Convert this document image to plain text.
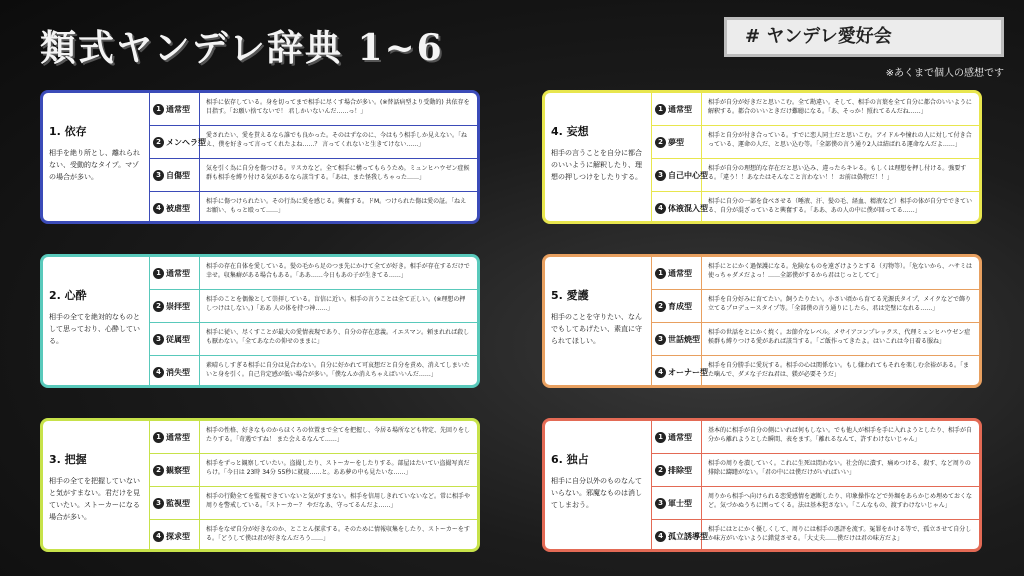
類式ヤンデレ辞典 1~6	# ヤンデレ愛好会
※あくまで個人の感想です
1. 依存
相手を絶り所とし、離れられない、受動的なタイプ。マゾの場合が多い。
1 通常型
相手に依存している。身を切ってまで相手に尽くす場合が多い。(※替話病型より受動的) 共依存を目指す。「お願い捨てないで！ 君しかいないんだ……っ！」
2 メンヘラ型
愛されたい、愛を貰えるなら誰でも良かった。そのはずなのに、今はもう相手しか見えない。「ねえ、僕を好きって言ってくれたよね……？ 言ってくれないと生きてけない……」
3 自傷型
気を引く為に自分を傷つける。リスカなど。全て相手に構ってもらうため。ミュンヒハウゼン症候群も相手を縛り付ける気があるなら該当する。「あは、また怪我しちゃった……」
4 被虐型
相手に傷つけられたい。その行為に愛を感じる。興奮する。ドM。つけられた傷は愛の証。「ねえお願い、もっと殴って……」
2. 心酔
相手の全てを絶対的なものとして思っており、心酔している。
1 通常型
相手の存在自体を愛している。髪の毛から足のつま先にかけて全てが好き。相手が存在するだけで幸せ。収集癖がある場合もある。「ああ……今日もあの子が生きてる……」
2 崇拝型
相手のことを偶像として崇拝している。盲信に近い。相手の言うことは全て正しい。(※理想の押しつけはしない。)「ああ 人の体を持つ神……」
3 従属型
相手に従い、尽くすことが最大の愛情表現であり、自分の存在意義。イエスマン。頼まれれば殺しも厭わない。「全てあなたの仰せのままに」
4 消失型
素晴らしすぎる相手に自分は見合わない。自分に好かれて可哀想だと自分を責め、消えてしまいたいと身を引く。自己肯定感が低い場合が多い。「僕なんか消えちゃえばいいんだ……」
3. 把握
相手の全てを把握していないと気がすまない。君だけを見ていたい。ストーカーになる場合が多い。
1 通常型
相手の性格、好きなものからほくろの位置まで全てを把握し、今居る場所なども特定、先回りをしたりする。「奇遇ですね！ また会えるなんて……」
2 観察型
相手をずっと観察していたい。盗撮したり、ストーカーをしたりする。部屋はたいてい盗撮写真だらけ。「今日は 23時 34分 55秒に就寝……と。ああ夢の中も見たいな……」
3 監視型
相手の行動全てを監視できていないと気がすまない。相手を信用しきれていないなど。常に相手や周りを警戒している。「ストーカー？ やだなあ、守ってるんだよ……」
4 探求型
相手をなぜ自分が好きなのか、とことん探求する。そのために情報収集をしたり、ストーカーをする。「どうして僕は君が好きなんだろう……」
4. 妄想
相手の言うことを自分に都合のいいように解釈したり、理想の押しつけをしたりする。
1 通常型
相手が自分が好きだと思いこむ。全て勘違い。そして、相手の言葉を全て自分に都合のいいように解釈する。都合のいいときだけ難聴になる。「あ、そっか！照れてるんだね……」
2 夢型
相手と自分が付き合っている。すでに恋人同士だと思いこむ。アイドルや憧れの人に対して付き合っている、運命の人だ、と思い込む等。「全部僕の言う通り2人は結ばれる運命なんだよ……」
3 自己中心型
相手が自分の理想的な存在だと思い込み、違ったらキレる。もしくは理想を押し付ける。強要する。「違う！！あなたはそんなこと言わない！！ お前は偽物だ！！」
4 体液混入型
相手に自分の一部を食べさせる（唾液、汗、髪の毛、経血、精液など）相手の体が自分でできている、自分が混ざっていると興奮する。「ああ、あの人の中に僕が回ってる……」
5. 愛護
相手のことを守りたい、なんでもしてあげたい、素直に守られてほしい。
1 通常型
相手にとにかく過保護になる。危険なものを遠ざけようとする（刃物等）。「危ないから、ハサミは使っちゃダメだよっ！……全部僕がするから君はじっとしてて」
2 育成型
相手を自分好みに育てたい。飼うたりたい。小さい頃から育てる光源氏タイプ、メイクなどで飾り立てるプロデュースタイプ等。「全部僕の言う通りにしたら、君は完璧になれる……」
3 世話焼型
相手の世話をとにかく焼く。お節介なレベル。メサイアコンプレックス、代理ミュンヒハウゼン症候群も縛りつける愛があれば該当する。「ご飯作ってきたよ。はいこれは今日着る服ね」
4 オーナー型
相手を自分勝手に愛玩する。相手の心は関係ない。もし嫌われてもそれを楽しむ余裕がある。「また噛んで、ダメな子だね君は、躾が必要そうだ」
6. 独占
相手に自分以外のものなんていらない。邪魔なものは消してしまおう。
1 通常型
基本的に相手が自分の側にいれば何もしない。でも他人が相手を手に入れようとしたり、相手が自分から離れようとした瞬間、表をます。「離れるなんて、許すわけないじゃん」
2 排除型
相手の周りを潰していく。これに生死は問わない。社会的に潰す、痛めつける、殺す、など周りの排除に躊躇がない。「君の中には僕だけがいればいい」
3 軍士型
周りから相手へ向けられる恋愛感情を遮断したり、印象操作などで外堀をあらかじめ埋めておくなど。気づかぬうちに囲ってくる。法は基本犯さない。「こんなもの、渡すわけないじゃん」
4 孤立誘導型
相手にはとにかく優しくして、周りには相手の悪評を流す。冤罪をかける等で、孤立させて自分しか味方がいないように錯覚させる。「大丈夫……僕だけは君の味方だよ」
